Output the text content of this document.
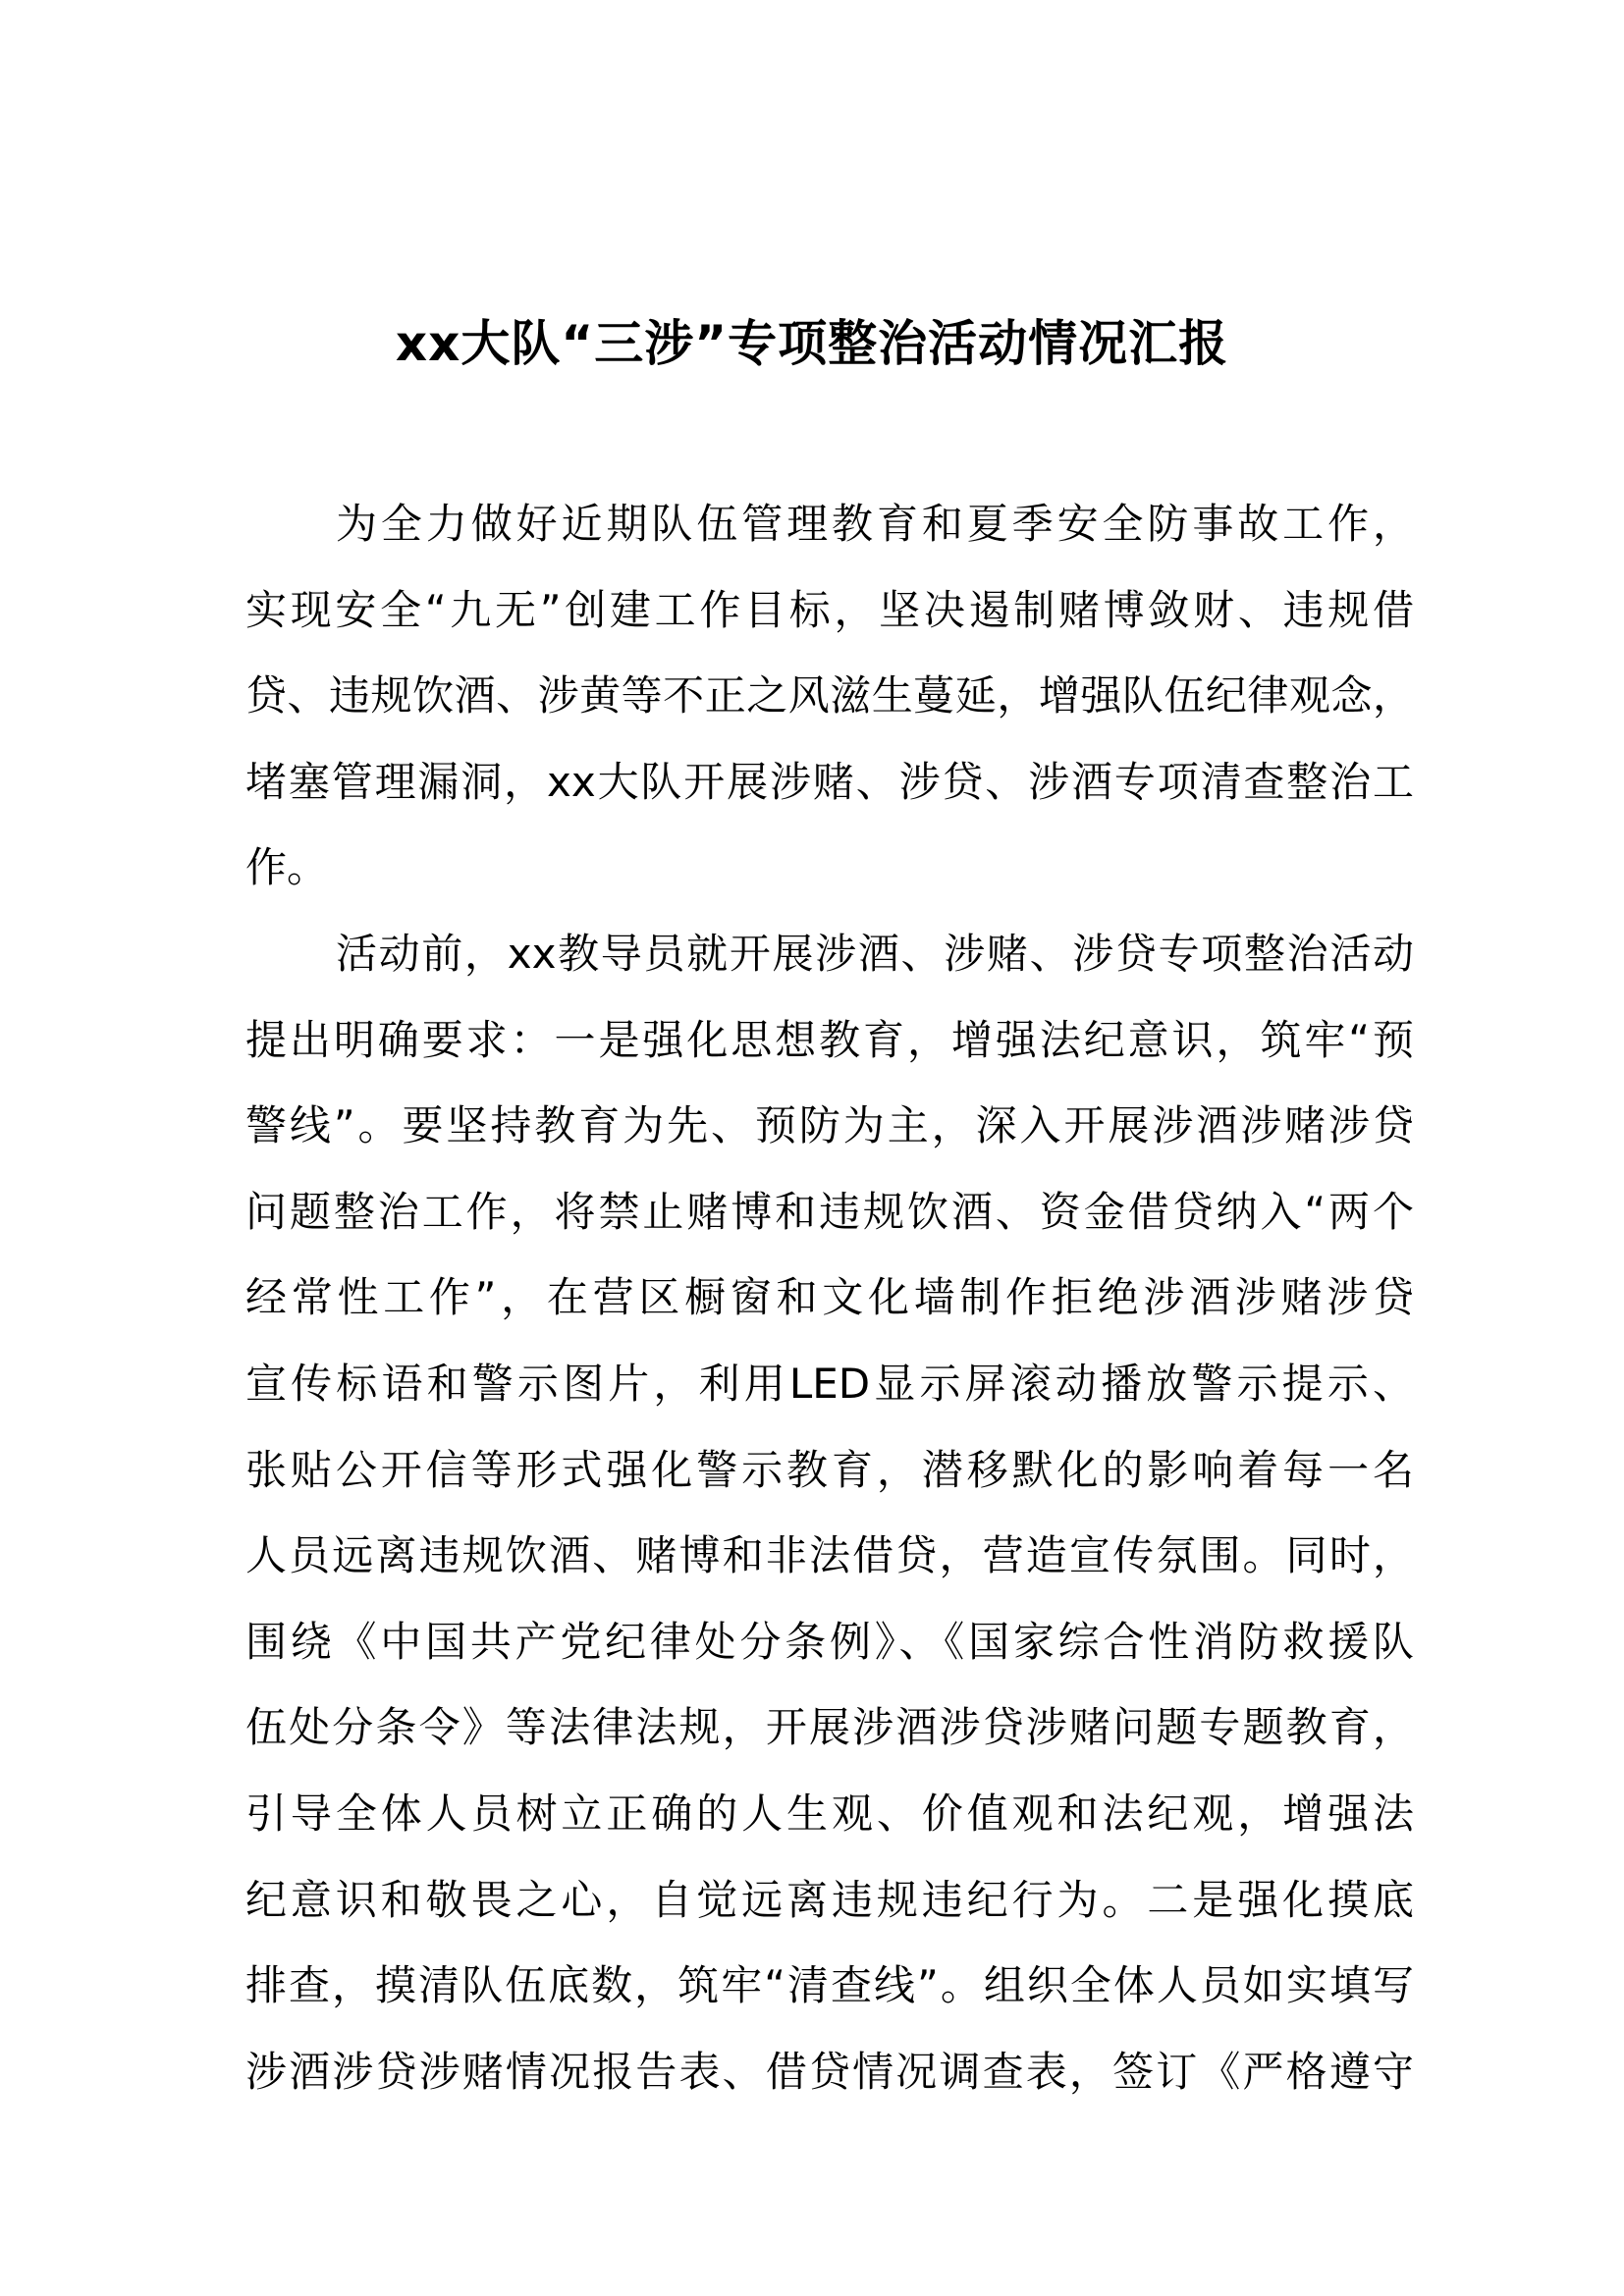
xx大队“三涉”专项整治活动情况汇报
为全力做好近期队伍管理教育和夏季安全防事故工作，
实现安全“九无”创建工作目标，坚决遏制赌博敛财、违规借
贷、违规饮酒、涉黄等不正之风滋生蔓延，增强队伍纪律观念，
堵塞管理漏洞，xx大队开展涉赌、涉贷、涉酒专项清查整治工
作。
活动前，xx教导员就开展涉酒、涉赌、涉贷专项整治活动
提出明确要求：一是强化思想教育，增强法纪意识，筑牢“预
警线”。要坚持教育为先、预防为主，深入开展涉酒涉赌涉贷
问题整治工作，将禁止赌博和违规饮酒、资金借贷纳入“两个
经常性工作”，在营区橱窗和文化墙制作拒绝涉酒涉赌涉贷
宣传标语和警示图片，利用LED显示屏滚动播放警示提示、
张贴公开信等形式强化警示教育，潜移默化的影响着每一名
人员远离违规饮酒、赌博和非法借贷，营造宣传氛围。同时，
围绕《中国共产党纪律处分条例》、《国家综合性消防救援队
伍处分条令》等法律法规，开展涉酒涉贷涉赌问题专题教育，
引导全体人员树立正确的人生观、价值观和法纪观，增强法
纪意识和敬畏之心，自觉远离违规违纪行为。二是强化摸底
排查，摸清队伍底数，筑牢“清查线”。组织全体人员如实填写
涉酒涉贷涉赌情况报告表、借贷情况调查表，签订《严格遵守
